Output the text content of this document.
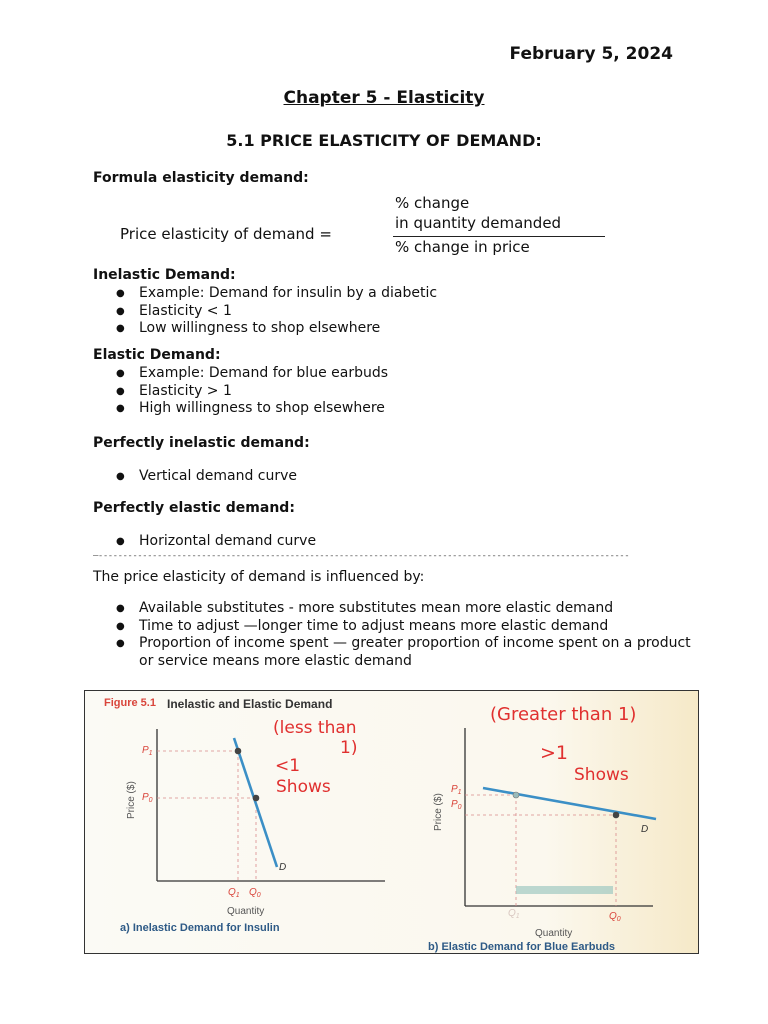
February 5, 2024
Chapter 5 - Elasticity
5.1 PRICE ELASTICITY OF DEMAND:
Formula elasticity demand:
Price elasticity of demand =
% change
in quantity demanded
% change in price
Inelastic Demand:
● Example: Demand for insulin by a diabetic
● Elasticity < 1
● Low willingness to shop elsewhere
Elastic Demand:
● Example: Demand for blue earbuds
● Elasticity > 1
● High willingness to shop elsewhere
Perfectly inelastic demand:
● Vertical demand curve
Perfectly elastic demand:
● Horizontal demand curve
—------------------------------------------------------------------------------------------------------------
The price elasticity of demand is influenced by:
● Available substitutes - more substitutes mean more elastic demand
● Time to adjust —longer time to adjust means more elastic demand
● Proportion of income spent — greater proportion of income spent on a product or service means more elastic demand
Figure 5.1 Inelastic and Elastic Demand
Price ($)
$P_1$
$P_0$
D
$Q_1$ $Q_0$
Quantity
a) Inelastic Demand for Insulin
(less than
1)
<1
Shows
Price ($)
$P_1$
$P_0$
D
$Q_1$	$Q_0$
Quantity
b) Elastic Demand for Blue Earbuds
(Greater than 1)
>1
Shows
